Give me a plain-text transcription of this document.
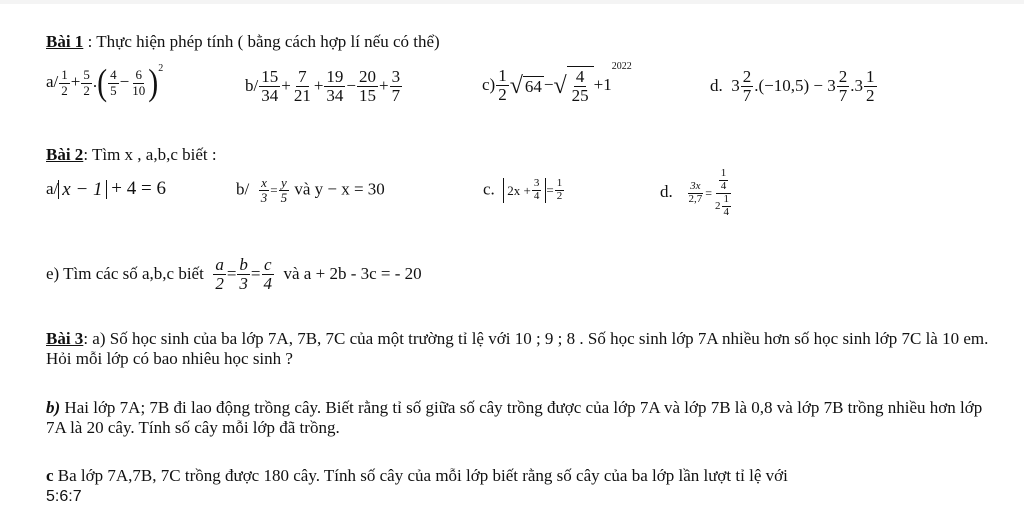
Bài 1 : Thực hiện phép tính ( bằng cách hợp lí nếu có thể)
$a/ \frac{1}{2} + \frac{5}{2}$ .( $\frac{4}{5} - \frac{6}{10} )^2$
$b/ \frac{15}{34} + \frac{7}{21} + \frac{19}{34} - \frac{20}{15} + \frac{3}{7}$	$c) \frac{1}{2}$ √ 64 − √ $\frac{4}{25} +1^{2022}$
d. $3 \frac{2}{7} .(-10,5) - 3 \frac{2}{7} .3 \frac{1}{2}$
Bài 2: Tìm x , a,b,c biết :
a/ x − 1 + 4 = 6	$b/ \frac{x}{3} = \frac{y}{5}$ và y − x = 30	c. $2x + \frac{3}{4} = \frac{1}{2}$	d. $\frac{3x}{2,7} = \frac{\frac{1}{4}}{2 \frac{1}{4}}$
e) Tìm các số a,b,c biết $\frac{a}{2} = \frac{b}{3} = \frac{c}{4}$ và a + 2b - 3c = - 20
Bài 3: a) Số học sinh của ba lớp 7A, 7B, 7C của một trường tỉ lệ với 10 ; 9 ; 8 . Số học sinh lớp 7A nhiều hơn số học sinh lớp 7C là 10 em. Hỏi mỗi lớp có bao nhiêu học sinh ?
b) Hai lớp 7A; 7B đi lao động trồng cây. Biết rằng tỉ số giữa số cây trồng được của lớp 7A và lớp 7B là 0,8 và lớp 7B trồng nhiều hơn lớp 7A là 20 cây. Tính số cây mỗi lớp đã trồng.
c Ba lớp 7A,7B, 7C trồng được 180 cây. Tính số cây của mỗi lớp biết rằng số cây của ba lớp lần lượt tỉ lệ với
5:6:7
